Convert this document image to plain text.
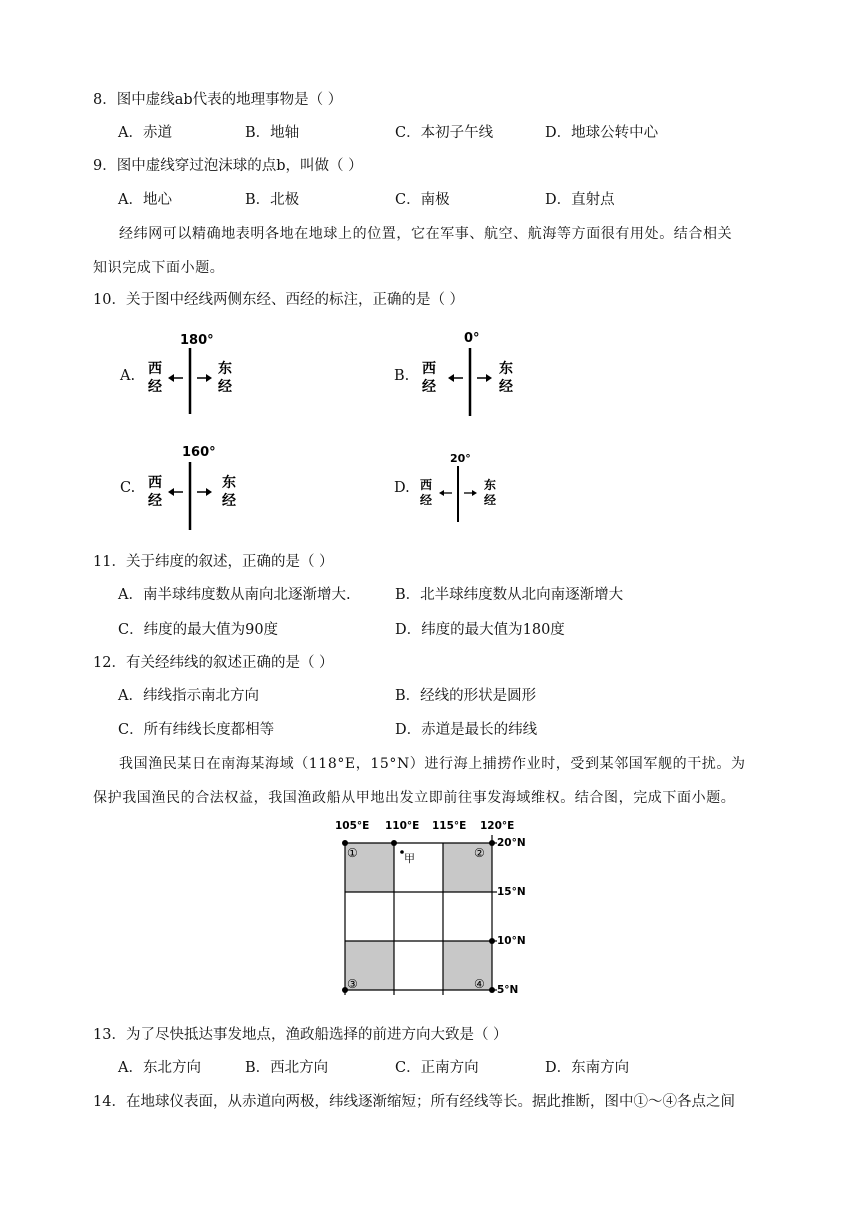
8．图中虚线ab代表的地理事物是（ ）
A．赤道	B．地轴	C．本初子午线	D．地球公转中心
9．图中虚线穿过泡沫球的点b，叫做（ ）
A．地心	B．北极	C．南极	D．直射点
经纬网可以精确地表明各地在地球上的位置，它在军事、航空、航海等方面很有用处。结合相关
知识完成下面小题。
10．关于图中经线两侧东经、西经的标注，正确的是（ ）
A.
180°
西
经
东
经
B.
0°
西
经
东
经
C.
160°
西
经
东
经
D.
20°
西
经
东
经
11．关于纬度的叙述，正确的是（ ）
A．南半球纬度数从南向北逐渐增大.	B．北半球纬度数从北向南逐渐增大
C．纬度的最大值为90度	D．纬度的最大值为180度
12．有关经纬线的叙述正确的是（ ）
A．纬线指示南北方向	B．经线的形状是圆形
C．所有纬线长度都相等	D．赤道是最长的纬线
我国渔民某日在南海某海域（118°E，15°N）进行海上捕捞作业时，受到某邻国军舰的干扰。为
保护我国渔民的合法权益，我国渔政船从甲地出发立即前往事发海域维权。结合图，完成下面小题。
105°E 110°E 115°E 120°E
20°N
15°N
10°N
5°N
①	②
③	④
甲
13．为了尽快抵达事发地点，渔政船选择的前进方向大致是（ ）
A．东北方向	B．西北方向	C．正南方向	D．东南方向
14．在地球仪表面，从赤道向两极，纬线逐渐缩短；所有经线等长。据此推断，图中①～④各点之间
